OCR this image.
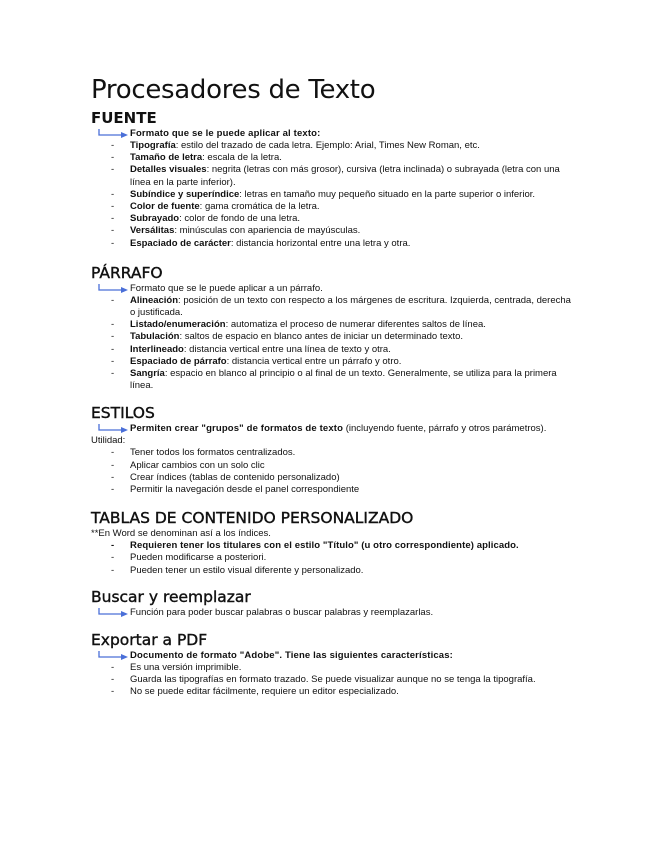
Procesadores de Texto
FUENTE
Formato que se le puede aplicar al texto:
- Tipografía: estilo del trazado de cada letra. Ejemplo: Arial, Times New Roman, etc.
- Tamaño de letra: escala de la letra.
- Detalles visuales: negrita (letras con más grosor), cursiva (letra inclinada) o subrayada (letra con una línea en la parte inferior).
- Subíndice y superíndice: letras en tamaño muy pequeño situado en la parte superior o inferior.
- Color de fuente: gama cromática de la letra.
- Subrayado: color de fondo de una letra.
- Versálitas: minúsculas con apariencia de mayúsculas.
- Espaciado de carácter: distancia horizontal entre una letra y otra.
PÁRRAFO
Formato que se le puede aplicar a un párrafo.
- Alineación: posición de un texto con respecto a los márgenes de escritura. Izquierda, centrada, derecha o justificada.
- Listado/enumeración: automatiza el proceso de numerar diferentes saltos de línea.
- Tabulación: saltos de espacio en blanco antes de iniciar un determinado texto.
- Interlineado: distancia vertical entre una línea de texto y otra.
- Espaciado de párrafo: distancia vertical entre un párrafo y otro.
- Sangría: espacio en blanco al principio o al final de un texto. Generalmente, se utiliza para la primera línea.
ESTILOS
Permiten crear "grupos" de formatos de texto (incluyendo fuente, párrafo y otros parámetros).
Utilidad:
- Tener todos los formatos centralizados.
- Aplicar cambios con un solo clic
- Crear índices (tablas de contenido personalizado)
- Permitir la navegación desde el panel correspondiente
TABLAS DE CONTENIDO PERSONALIZADO
**En Word se denominan así a los índices.
- Requieren tener los titulares con el estilo "Título" (u otro correspondiente) aplicado.
- Pueden modificarse a posteriori.
- Pueden tener un estilo visual diferente y personalizado.
Buscar y reemplazar
Función para poder buscar palabras o buscar palabras y reemplazarlas.
Exportar a PDF
Documento de formato "Adobe". Tiene las siguientes características:
- Es una versión imprimible.
- Guarda las tipografías en formato trazado. Se puede visualizar aunque no se tenga la tipografía.
- No se puede editar fácilmente, requiere un editor especializado.
